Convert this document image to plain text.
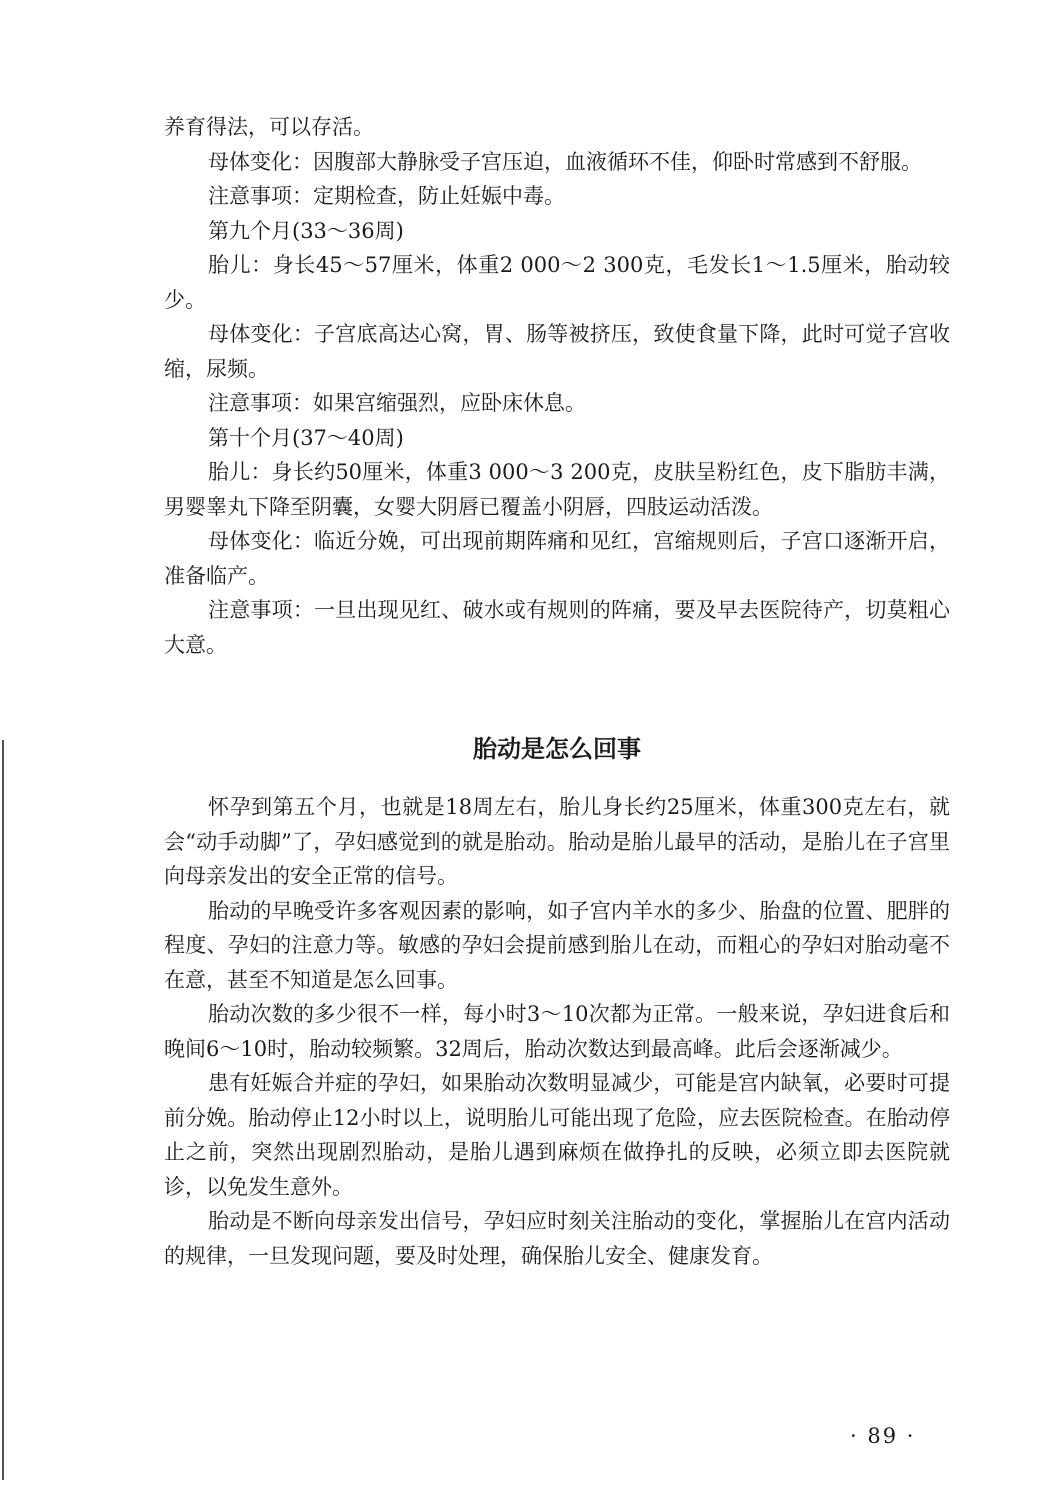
养育得法，可以存活。

母体变化：因腹部大静脉受子宫压迫，血液循环不佳，仰卧时常感到不舒服。

注意事项：定期检查，防止妊娠中毒。

第九个月(33～36周)

胎儿：身长45～57厘米，体重2 000～2 300克，毛发长1～1.5厘米，胎动较少。

母体变化：子宫底高达心窝，胃、肠等被挤压，致使食量下降，此时可觉子宫收缩，尿频。

注意事项：如果宫缩强烈，应卧床休息。

第十个月(37～40周)

胎儿：身长约50厘米，体重3 000～3 200克，皮肤呈粉红色，皮下脂肪丰满，男婴睾丸下降至阴囊，女婴大阴唇已覆盖小阴唇，四肢运动活泼。

母体变化：临近分娩，可出现前期阵痛和见红，宫缩规则后，子宫口逐渐开启，准备临产。

注意事项：一旦出现见红、破水或有规则的阵痛，要及早去医院待产，切莫粗心大意。

胎动是怎么回事

怀孕到第五个月，也就是18周左右，胎儿身长约25厘米，体重300克左右，就会“动手动脚”了，孕妇感觉到的就是胎动。胎动是胎儿最早的活动，是胎儿在子宫里向母亲发出的安全正常的信号。

胎动的早晚受许多客观因素的影响，如子宫内羊水的多少、胎盘的位置、肥胖的程度、孕妇的注意力等。敏感的孕妇会提前感到胎儿在动，而粗心的孕妇对胎动毫不在意，甚至不知道是怎么回事。

胎动次数的多少很不一样，每小时3～10次都为正常。一般来说，孕妇进食后和晚间6～10时，胎动较频繁。32周后，胎动次数达到最高峰。此后会逐渐减少。

患有妊娠合并症的孕妇，如果胎动次数明显减少，可能是宫内缺氧，必要时可提前分娩。胎动停止12小时以上，说明胎儿可能出现了危险，应去医院检查。在胎动停止之前，突然出现剧烈胎动，是胎儿遇到麻烦在做挣扎的反映，必须立即去医院就诊，以免发生意外。

胎动是不断向母亲发出信号，孕妇应时刻关注胎动的变化，掌握胎儿在宫内活动的规律，一旦发现问题，要及时处理，确保胎儿安全、健康发育。

· 89 ·
